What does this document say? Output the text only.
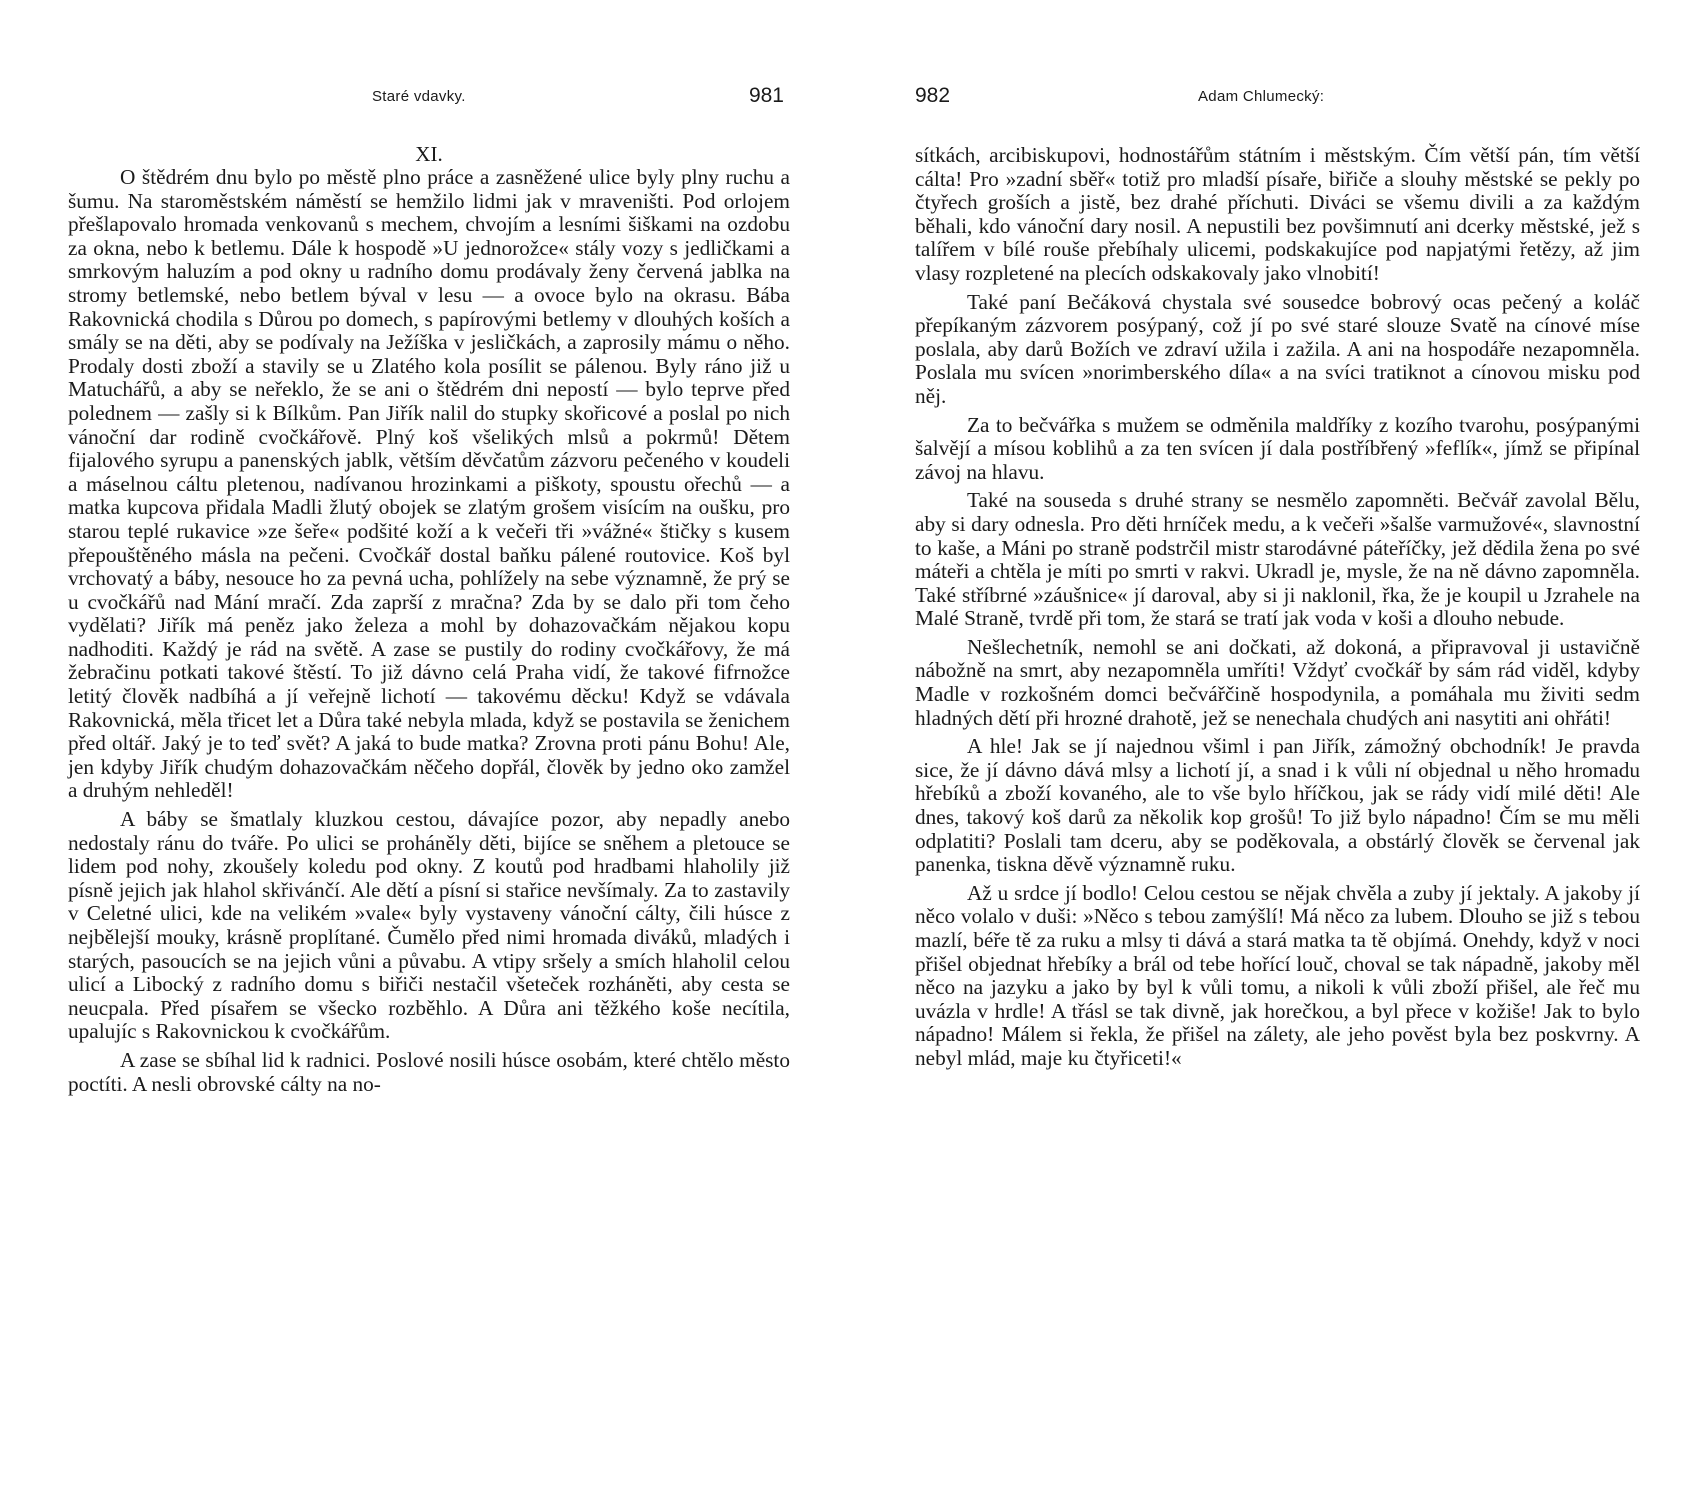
Staré vdavky.	981
XI.

O štědrém dnu bylo po městě plno práce a zasněžené ulice byly plny ruchu a šumu. Na staroměstském náměstí se hemžilo lidmi jak v mraveništi. Pod orlojem přešlapovalo hromada venkovanů s mechem, chvojím a lesními šiškami na ozdobu za okna, nebo k betlemu. Dále k hospodě »U jednorožce« stály vozy s jedličkami a smrkovým haluzím a pod okny u radního domu prodávaly ženy červená jablka na stromy betlemské, nebo betlem býval v lesu — a ovoce bylo na okrasu. Bába Rakovnická chodila s Důrou po domech, s papírovými betlemy v dlouhých koších a smály se na děti, aby se podívaly na Ježíška v jesličkách, a zaprosily mámu o něho. Prodaly dosti zboží a stavily se u Zlatého kola posílit se pálenou. Byly ráno již u Matuchářů, a aby se neřeklo, že se ani o štědrém dni nepostí — bylo teprve před polednem — zašly si k Bílkům. Pan Jiřík nalil do stupky skořicové a poslal po nich vánoční dar rodině cvočkářově. Plný koš všelikých mlsů a pokrmů! Dětem fijalového syrupu a panenských jablk, větším děvčatům zázvoru pečeného v koudeli a máselnou cáltu pletenou, nadívanou hrozinkami a piškoty, spoustu ořechů — a matka kupcova přidala Madli žlutý obojek se zlatým grošem visícím na oušku, pro starou teplé rukavice »ze šeře« podšité koží a k večeři tři »vážné« štičky s kusem přepouštěného másla na pečeni. Cvočkář dostal baňku pálené routovice. Koš byl vrchovatý a báby, nesouce ho za pevná ucha, pohlížely na sebe významně, že prý se u cvočkářů nad Mání mračí. Zda zaprší z mračna? Zda by se dalo při tom čeho vydělati? Jiřík má peněz jako železa a mohl by dohazovačkám nějakou kopu nadhoditi. Každý je rád na světě. A zase se pustily do rodiny cvočkářovy, že má žebračinu potkati takové štěstí. To již dávno celá Praha vidí, že takové fifrnožce letitý člověk nadbíhá a jí veřejně lichotí — takovému děcku! Když se vdávala Rakovnická, měla třicet let a Důra také nebyla mlada, když se postavila se ženichem před oltář. Jaký je to teď svět? A jaká to bude matka? Zrovna proti pánu Bohu! Ale, jen kdyby Jiřík chudým dohazovačkám něčeho dopřál, člověk by jedno oko zamžel a druhým nehleděl!

A báby se šmatlaly kluzkou cestou, dávajíce pozor, aby nepadly anebo nedostaly ránu do tváře. Po ulici se proháněly děti, bijíce se sněhem a pletouce se lidem pod nohy, zkoušely koledu pod okny. Z koutů pod hradbami hlaholily již písně jejich jak hlahol skřivánčí. Ale dětí a písní si stařice nevšímaly. Za to zastavily v Celetné ulici, kde na velikém »vale« byly vystaveny vánoční cálty, čili húsce z nejbělejší mouky, krásně proplítané. Čumělo před nimi hromada diváků, mladých i starých, pasoucích se na jejich vůni a půvabu. A vtipy sršely a smích hlaholil celou ulicí a Libocký z radního domu s biřiči nestačil všeteček rozháněti, aby cesta se neucpala. Před písařem se všecko rozběhlo. A Důra ani těžkého koše necítila, upalujíc s Rakovnickou k cvočkářům.

A zase se sbíhal lid k radnici. Poslové nosili húsce osobám, které chtělo město poctíti. A nesli obrovské cálty na no-

982	Adam Chlumecký:

sítkách, arcibiskupovi, hodnostářům státním i městským. Čím větší pán, tím větší cálta! Pro »zadní sběř« totiž pro mladší písaře, biřiče a slouhy městské se pekly po čtyřech groších a jistě, bez drahé příchuti. Diváci se všemu divili a za každým běhali, kdo vánoční dary nosil. A nepustili bez povšimnutí ani dcerky městské, jež s talířem v bílé rouše přebíhaly ulicemi, podskakujíce pod napjatými řetězy, až jim vlasy rozpletené na plecích odskakovaly jako vlnobití!

Také paní Bečáková chystala své sousedce bobrový ocas pečený a koláč přepíkaným zázvorem posýpaný, což jí po své staré slouze Svatě na cínové míse poslala, aby darů Božích ve zdraví užila i zažila. A ani na hospodáře nezapomněla. Poslala mu svícen »norimberského díla« a na svíci tratiknot a cínovou misku pod něj.

Za to bečvářka s mužem se odměnila maldříky z kozího tvarohu, posýpanými šalvějí a mísou koblihů a za ten svícen jí dala postříbřený »feflík«, jímž se připínal závoj na hlavu.

Také na souseda s druhé strany se nesmělo zapomněti. Bečvář zavolal Bělu, aby si dary odnesla. Pro děti hrníček medu, a k večeři »šalše varmužové«, slavnostní to kaše, a Máni po straně podstrčil mistr starodávné páteříčky, jež dědila žena po své máteři a chtěla je míti po smrti v rakvi. Ukradl je, mysle, že na ně dávno zapomněla. Také stříbrné »záušnice« jí daroval, aby si ji naklonil, řka, že je koupil u Jzrahele na Malé Straně, tvrdě při tom, že stará se tratí jak voda v koši a dlouho nebude.

Nešlechetník, nemohl se ani dočkati, až dokoná, a připravoval ji ustavičně nábožně na smrt, aby nezapomněla umříti! Vždyť cvočkář by sám rád viděl, kdyby Madle v rozkošném domci bečvářčině hospodynila, a pomáhala mu živiti sedm hladných dětí při hrozné drahotě, jež se nenechala chudých ani nasytiti ani ohřáti!

A hle! Jak se jí najednou všiml i pan Jiřík, zámožný obchodník! Je pravda sice, že jí dávno dává mlsy a lichotí jí, a snad i k vůli ní objednal u něho hromadu hřebíků a zboží kovaného, ale to vše bylo hříčkou, jak se rády vidí milé děti! Ale dnes, takový koš darů za několik kop grošů! To již bylo nápadno! Čím se mu měli odplatiti? Poslali tam dceru, aby se poděkovala, a obstárlý člověk se červenal jak panenka, tiskna děvě významně ruku.

Až u srdce jí bodlo! Celou cestou se nějak chvěla a zuby jí jektaly. A jakoby jí něco volalo v duši: »Něco s tebou zamýšlí! Má něco za lubem. Dlouho se již s tebou mazlí, béře tě za ruku a mlsy ti dává a stará matka ta tě objímá. Onehdy, když v noci přišel objednat hřebíky a brál od tebe hořící louč, choval se tak nápadně, jakoby měl něco na jazyku a jako by byl k vůli tomu, a nikoli k vůli zboží přišel, ale řeč mu uvázla v hrdle! A třásl se tak divně, jak horečkou, a byl přece v kožiše! Jak to bylo nápadno! Málem si řekla, že přišel na zálety, ale jeho pověst byla bez poskvrny. A nebyl mlád, maje ku čtyřiceti!«
